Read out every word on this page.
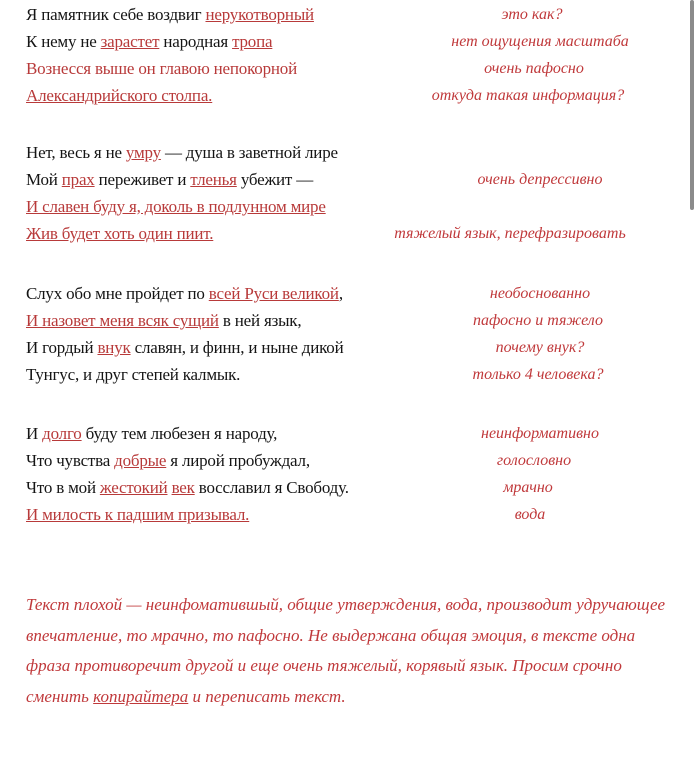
Я памятник себе воздвиг нерукотворный	это как?
К нему не зарастет народная тропа	нет ощущения масштаба
Вознесся выше он главою непокорной	очень пафосно
Александрийского столпа.	откуда такая информация?
Нет, весь я не умру — душа в заветной лире
Мой прах переживет и тленья убежит —	очень депрессивно
И славен буду я, доколь в подлунном мире
Жив будет хоть один пиит.	тяжелый язык, перефразировать
Слух обо мне пройдет по всей Руси великой,	необоснованно
И назовет меня всяк сущий в ней язык,	пафосно и тяжело
И гордый внук славян, и финн, и ныне дикой	почему внук?
Тунгус, и друг степей калмык.	только 4 человека?
И долго буду тем любезен я народу,	неинформативно
Что чувства добрые я лирой пробуждал,	голословно
Что в мой жестокий век восславил я Свободу.	мрачно
И милость к падшим призывал.	вода
Текст плохой — неинфоматившый, общие утверждения, вода, производит удручающее впечатление, то мрачно, то пафосно. Не выдержана общая эмоция, в тексте одна фраза противоречит другой и еще очень тяжелый, корявый язык. Просим срочно сменить копирайтера и переписать текст.
